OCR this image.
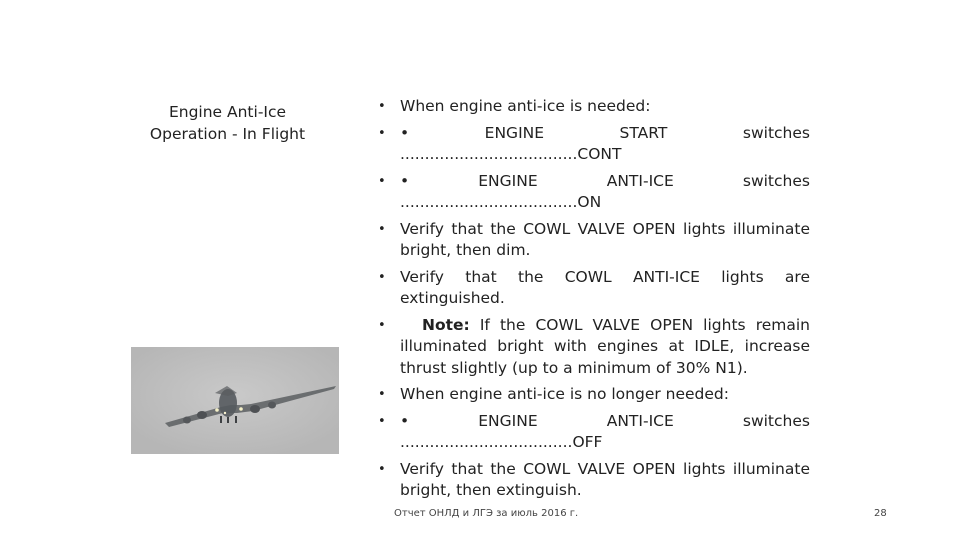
Engine Anti-Ice
Operation - In Flight
• When engine anti-ice is needed:
• •	ENGINE	START	switches
....................................CONT
• •	ENGINE	ANTI-ICE	switches
....................................ON
• Verify that the COWL VALVE OPEN lights illuminate bright, then dim.
• Verify that the COWL ANTI-ICE lights are extinguished.
• Note: If the COWL VALVE OPEN lights remain illuminated bright with engines at IDLE, increase thrust slightly (up to a minimum of 30% N1).
• When engine anti-ice is no longer needed:
• •	ENGINE	ANTI-ICE	switches
...................................OFF
• Verify that the COWL VALVE OPEN lights illuminate bright, then extinguish.
Отчет ОНЛД и ЛГЭ за июль 2016 г.	28
